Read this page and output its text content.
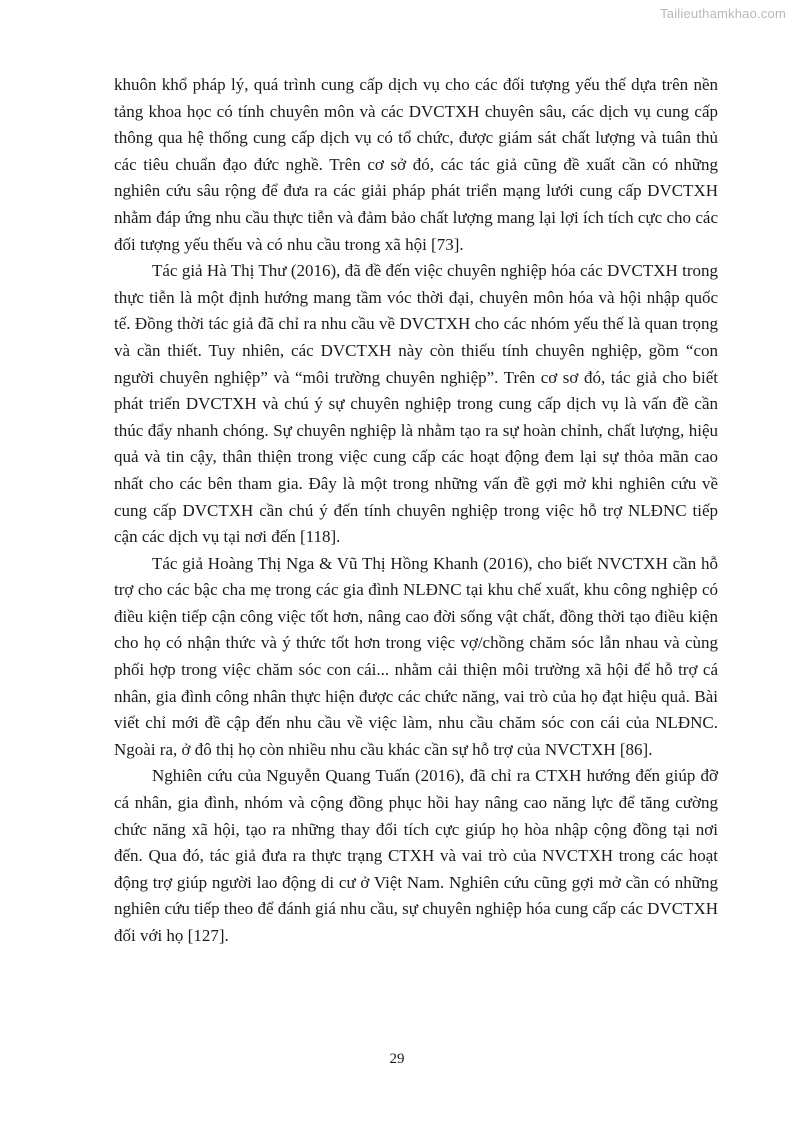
Tailieuthamkhao.com

khuôn khổ pháp lý, quá trình cung cấp dịch vụ cho các đối tượng yếu thế dựa trên nền tảng khoa học có tính chuyên môn và các DVCTXH chuyên sâu, các dịch vụ cung cấp thông qua hệ thống cung cấp dịch vụ có tổ chức, được giám sát chất lượng và tuân thủ các tiêu chuẩn đạo đức nghề. Trên cơ sở đó, các tác giả cũng đề xuất cần có những nghiên cứu sâu rộng để đưa ra các giải pháp phát triển mạng lưới cung cấp DVCTXH nhằm đáp ứng nhu cầu thực tiễn và đảm bảo chất lượng mang lại lợi ích tích cực cho các đối tượng yếu thếu và có nhu cầu trong xã hội [73].

Tác giả Hà Thị Thư (2016), đã đề đến việc chuyên nghiệp hóa các DVCTXH trong thực tiễn là một định hướng mang tầm vóc thời đại, chuyên môn hóa và hội nhập quốc tế. Đồng thời tác giả đã chỉ ra nhu cầu về DVCTXH cho các nhóm yếu thế là quan trọng và cần thiết. Tuy nhiên, các DVCTXH này còn thiếu tính chuyên nghiệp, gồm “con người chuyên nghiệp” và “môi trường chuyên nghiệp”. Trên cơ sơ đó, tác giả cho biết phát triển DVCTXH và chú ý sự chuyên nghiệp trong cung cấp dịch vụ là vấn đề cần thúc đẩy nhanh chóng. Sự chuyên nghiệp là nhằm tạo ra sự hoàn chỉnh, chất lượng, hiệu quả và tin cậy, thân thiện trong việc cung cấp các hoạt động đem lại sự thỏa mãn cao nhất cho các bên tham gia. Đây là một trong những vấn đề gợi mở khi nghiên cứu về cung cấp DVCTXH cần chú ý đến tính chuyên nghiệp trong việc hỗ trợ NLĐNC tiếp cận các dịch vụ tại nơi đến [118].

Tác giả Hoàng Thị Nga & Vũ Thị Hồng Khanh (2016), cho biết NVCTXH cần hỗ trợ cho các bậc cha mẹ trong các gia đình NLĐNC tại khu chế xuất, khu công nghiệp có điều kiện tiếp cận công việc tốt hơn, nâng cao đời sống vật chất, đồng thời tạo điều kiện cho họ có nhận thức và ý thức tốt hơn trong việc vợ/chồng chăm sóc lẫn nhau và cùng phối hợp trong việc chăm sóc con cái... nhằm cải thiện môi trường xã hội để hỗ trợ cá nhân, gia đình công nhân thực hiện được các chức năng, vai trò của họ đạt hiệu quả. Bài viết chỉ mới đề cập đến nhu cầu về việc làm, nhu cầu chăm sóc con cái của NLĐNC. Ngoài ra, ở đô thị họ còn nhiều nhu cầu khác cần sự hỗ trợ của NVCTXH [86].

Nghiên cứu của Nguyễn Quang Tuấn (2016), đã chỉ ra CTXH hướng đến giúp đỡ cá nhân, gia đình, nhóm và cộng đồng phục hồi hay nâng cao năng lực để tăng cường chức năng xã hội, tạo ra những thay đổi tích cực giúp họ hòa nhập cộng đồng tại nơi đến. Qua đó, tác giả đưa ra thực trạng CTXH và vai trò của NVCTXH trong các hoạt động trợ giúp người lao động di cư ở Việt Nam. Nghiên cứu cũng gợi mở cần có những nghiên cứu tiếp theo để đánh giá nhu cầu, sự chuyên nghiệp hóa cung cấp các DVCTXH đối với họ [127].

29
